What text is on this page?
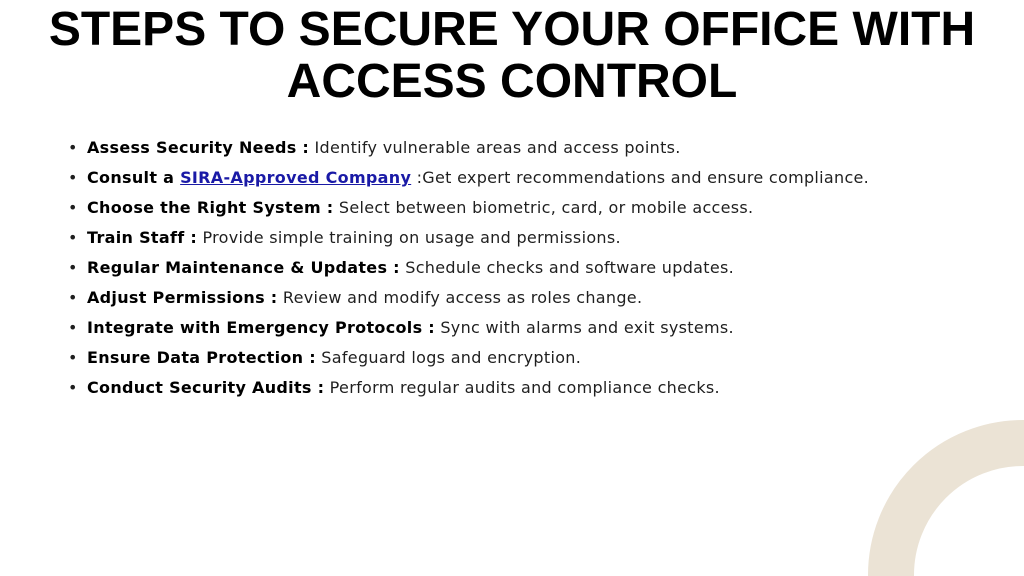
STEPS TO SECURE YOUR OFFICE WITH
ACCESS CONTROL
• Assess Security Needs : Identify vulnerable areas and access points.
• Consult a SIRA-Approved Company :Get expert recommendations and ensure compliance.
• Choose the Right System : Select between biometric, card, or mobile access.
• Train Staff : Provide simple training on usage and permissions.
• Regular Maintenance & Updates : Schedule checks and software updates.
• Adjust Permissions : Review and modify access as roles change.
• Integrate with Emergency Protocols : Sync with alarms and exit systems.
• Ensure Data Protection : Safeguard logs and encryption.
• Conduct Security Audits : Perform regular audits and compliance checks.
